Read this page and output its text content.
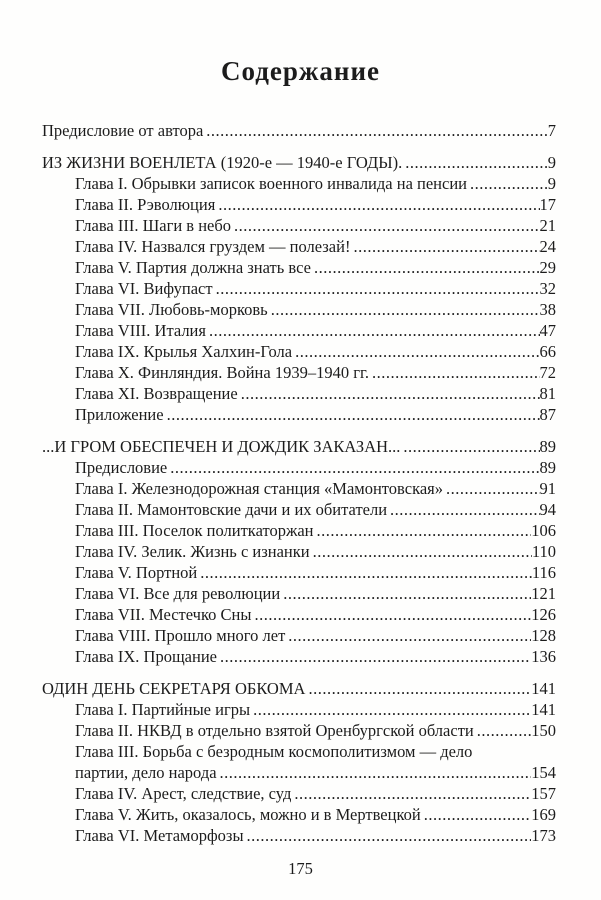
Содержание
Предисловие от автора .....	7
ИЗ ЖИЗНИ ВОЕНЛЕТА (1920-е — 1940-е ГОДЫ). .....	9
Глава I. Обрывки записок военного инвалида на пенсии .....	9
Глава II. Рэволюция .....	17
Глава III. Шаги в небо .....	21
Глава IV. Назвался груздем — полезай! .....	24
Глава V. Партия должна знать все .....	29
Глава VI. Вифупаст .....	32
Глава VII. Любовь-морковь .....	38
Глава VIII. Италия .....	47
Глава IX. Крылья Халхин-Гола .....	66
Глава X. Финляндия. Война 1939–1940 гг. .....	72
Глава XI. Возвращение .....	81
Приложение .....	87
...И ГРОМ ОБЕСПЕЧЕН И ДОЖДИК ЗАКАЗАН... .....	89
Предисловие .....	89
Глава I. Железнодорожная станция «Мамонтовская» .....	91
Глава II. Мамонтовские дачи и их обитатели .....	94
Глава III. Поселок политкаторжан .....	106
Глава IV. Зелик. Жизнь с изнанки .....	110
Глава V. Портной .....	116
Глава VI. Все для революции .....	121
Глава VII. Местечко Сны .....	126
Глава VIII. Прошло много лет .....	128
Глава IX. Прощание .....	136
ОДИН ДЕНЬ СЕКРЕТАРЯ ОБКОМА .....	141
Глава I. Партийные игры .....	141
Глава II. НКВД в отдельно взятой Оренбургской области .....	150
Глава III. Борьба с безродным космополитизмом — дело
партии, дело народа .....	154
Глава IV. Арест, следствие, суд .....	157
Глава V. Жить, оказалось, можно и в Мертвецкой .....	169
Глава VI. Метаморфозы .....	173
175
